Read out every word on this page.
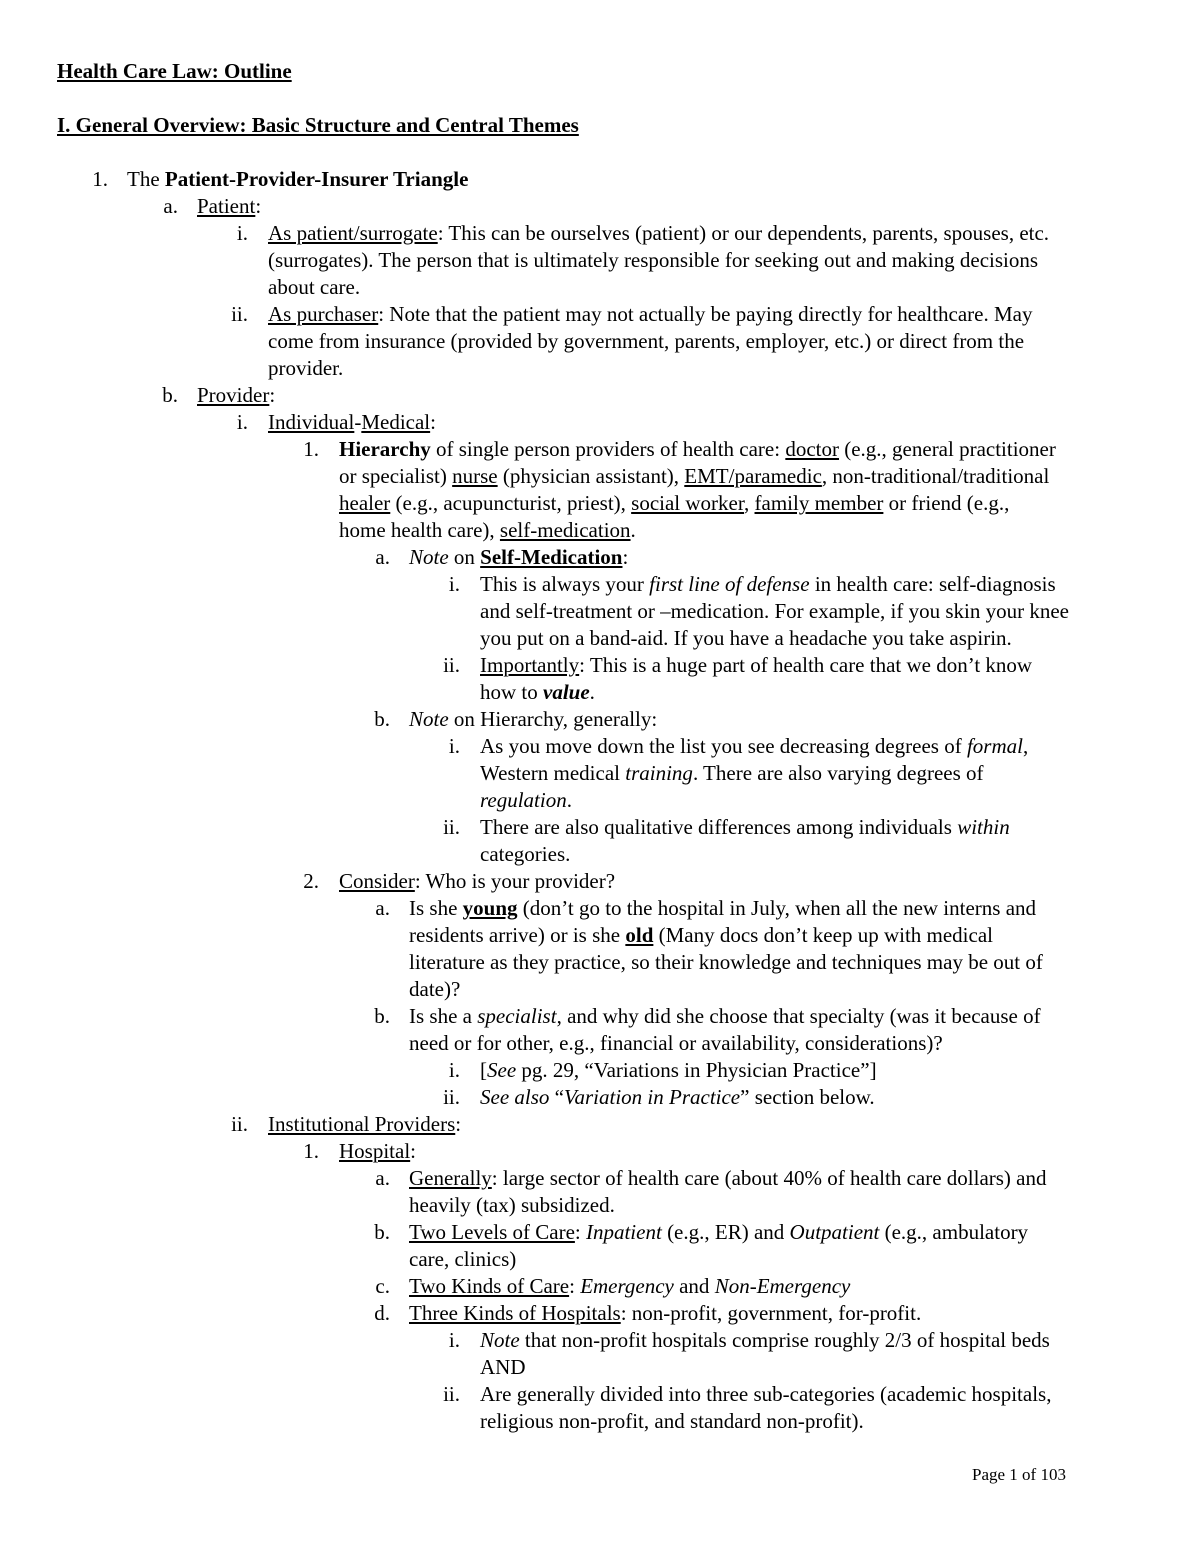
Health Care Law: Outline
I. General Overview: Basic Structure and Central Themes
1. The Patient-Provider-Insurer Triangle
a. Patient:
i. As patient/surrogate: This can be ourselves (patient) or our dependents, parents, spouses, etc.
(surrogates). The person that is ultimately responsible for seeking out and making decisions
about care.
ii. As purchaser: Note that the patient may not actually be paying directly for healthcare. May
come from insurance (provided by government, parents, employer, etc.) or direct from the
provider.
b. Provider:
i. Individual-Medical:
1. Hierarchy of single person providers of health care: doctor (e.g., general practitioner
or specialist) nurse (physician assistant), EMT/paramedic, non-traditional/traditional
healer (e.g., acupuncturist, priest), social worker, family member or friend (e.g.,
home health care), self-medication.
a. Note on Self-Medication:
i. This is always your first line of defense in health care: self-diagnosis
and self-treatment or –medication. For example, if you skin your knee
you put on a band-aid. If you have a headache you take aspirin.
ii. Importantly: This is a huge part of health care that we don’t know
how to value.
b. Note on Hierarchy, generally:
i. As you move down the list you see decreasing degrees of formal,
Western medical training. There are also varying degrees of
regulation.
ii. There are also qualitative differences among individuals within
categories.
2. Consider: Who is your provider?
a. Is she young (don’t go to the hospital in July, when all the new interns and
residents arrive) or is she old (Many docs don’t keep up with medical
literature as they practice, so their knowledge and techniques may be out of
date)?
b. Is she a specialist, and why did she choose that specialty (was it because of
need or for other, e.g., financial or availability, considerations)?
i. [See pg. 29, “Variations in Physician Practice”]
ii. See also “Variation in Practice” section below.
ii. Institutional Providers:
1. Hospital:
a. Generally: large sector of health care (about 40% of health care dollars) and
heavily (tax) subsidized.
b. Two Levels of Care: Inpatient (e.g., ER) and Outpatient (e.g., ambulatory
care, clinics)
c. Two Kinds of Care: Emergency and Non-Emergency
d. Three Kinds of Hospitals: non-profit, government, for-profit.
i. Note that non-profit hospitals comprise roughly 2/3 of hospital beds
AND
ii. Are generally divided into three sub-categories (academic hospitals,
religious non-profit, and standard non-profit).
Page 1 of 103
